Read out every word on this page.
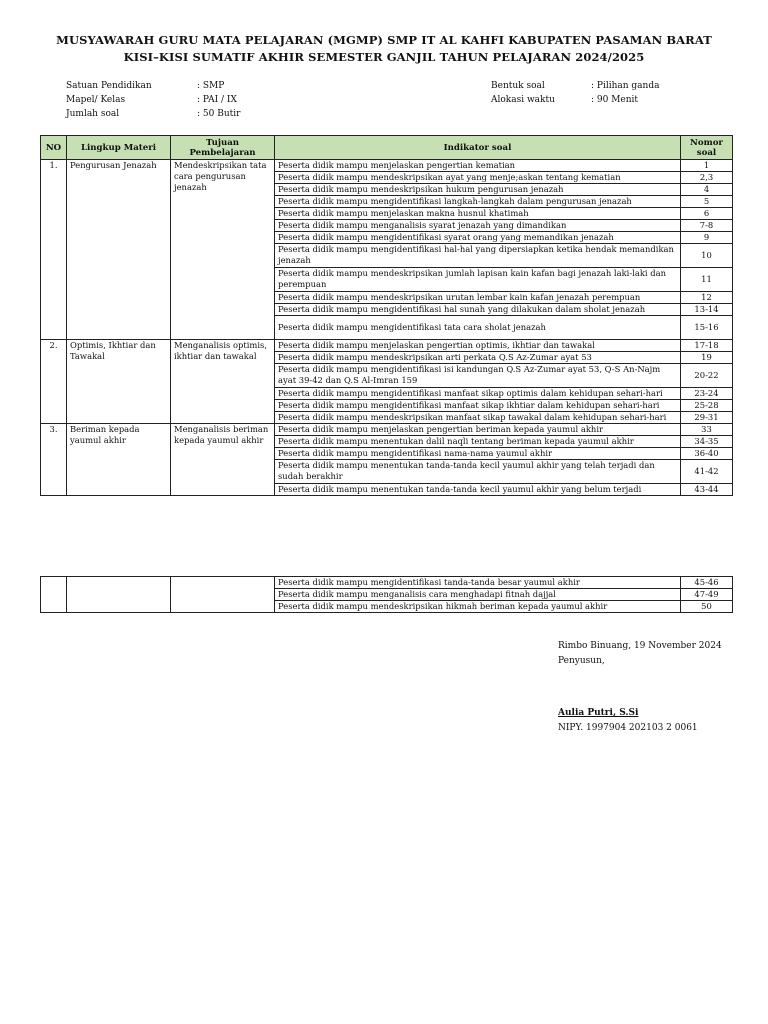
MUSYAWARAH GURU MATA PELAJARAN (MGMP) SMP IT AL KAHFI KABUPATEN PASAMAN BARAT
KISI–KISI SUMATIF AKHIR SEMESTER GANJIL TAHUN PELAJARAN 2024/2025
Satuan Pendidikan	: SMP
Mapel/ Kelas	: PAI / IX
Jumlah soal	: 50 Butir
Bentuk soal	: Pilihan ganda
Alokasi waktu	: 90 Menit
NO	Lingkup Materi	Tujuan Pembelajaran	Indikator soal	Nomor soal
1.	Pengurusan Jenazah	Mendeskripsikan tata cara pengurusan jenazah	Peserta didik mampu menjelaskan pengertian kematian	1
			Peserta didik mampu mendeskripsikan ayat yang menje;askan tentang kematian	2,3
			Peserta didik mampu mendeskripsikan hukum pengurusan jenazah	4
			Peserta didik mampu mengidentifikasi langkah-langkah dalam pengurusan jenazah	5
			Peserta didik mampu menjelaskan makna husnul khatimah	6
			Peserta didik mampu menganalisis syarat jenazah yang dimandikan	7-8
			Peserta didik mampu mengidentifikasi syarat orang yang memandikan jenazah	9
			Peserta didik mampu mengidentifikasi hal-hal yang dipersiapkan ketika hendak memandikan jenazah	10
			Peserta didik mampu mendeskripsikan jumlah lapisan kain kafan bagi jenazah laki-laki dan perempuan	11
			Peserta didik mampu mendeskripsikan urutan lembar kain kafan jenazah perempuan	12
			Peserta didik mampu mengidentifikasi hal sunah yang dilakukan dalam sholat jenazah	13-14
			Peserta didik mampu mengidentifikasi tata cara sholat jenazah	15-16
2.	Optimis, Ikhtiar dan Tawakal	Menganalisis optimis, ikhtiar dan tawakal	Peserta didik mampu menjelaskan pengertian optimis, ikhtiar dan tawakal	17-18
			Peserta didik mampu mendeskripsikan arti perkata Q.S Az-Zumar ayat 53	19
			Peserta didik mampu mengidentifikasi isi kandungan Q.S Az-Zumar ayat 53, Q-S An-Najm ayat 39-42 dan Q.S Al-Imran 159	20-22
			Peserta didik mampu mengidentifikasi manfaat sikap optimis dalam kehidupan sehari-hari	23-24
			Peserta didik mampu mengidentifikasi manfaat sikap ikhtiar dalam kehidupan sehari-hari	25-28
			Peserta didik mampu mendeskripsikan manfaat sikap tawakal dalam kehidupan sehari-hari	29-31
3.	Beriman kepada yaumul akhir	Menganalisis beriman kepada yaumul akhir	Peserta didik mampu menjelaskan pengertian beriman kepada yaumul akhir	33
			Peserta didik mampu menentukan dalil naqli tentang beriman kepada yaumul akhir	34-35
			Peserta didik mampu mengidentifikasi nama-nama yaumul akhir	36-40
			Peserta didik mampu menentukan tanda-tanda kecil yaumul akhir yang telah terjadi dan sudah berakhir	41-42
			Peserta didik mampu menentukan tanda-tanda kecil yaumul akhir yang belum terjadi	43-44
			Peserta didik mampu mengidentifikasi tanda-tanda besar yaumul akhir	45-46
			Peserta didik mampu menganalisis cara menghadapi fitnah dajjal	47-49
			Peserta didik mampu mendeskripsikan hikmah beriman kepada yaumul akhir	50
Rimbo Binuang, 19 November 2024
Penyusun,
Aulia Putri, S.Si
NIPY. 1997904 202103 2 0061
